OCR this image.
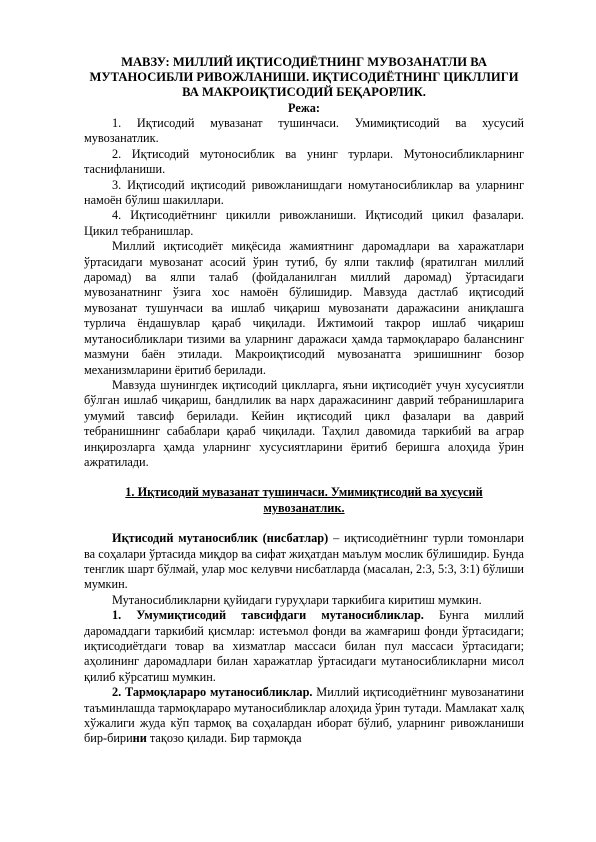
МАВЗУ: МИЛЛИЙ ИҚТИСОДИЁТНИНГ МУВОЗАНАТЛИ ВА МУТАНОСИБЛИ РИВОЖЛАНИШИ. ИҚТИСОДИЁТНИНГ ЦИКЛЛИГИ ВА МАКРОИҚТИСОДИЙ БЕҚАРОРЛИК.

Режа:

1. Иқтисодий мувазанат тушинчаси. Умимиқтисодий ва хусусий мувозанатлик.

2. Иқтисодий мутоносиблик ва унинг турлари. Мутоносибликларнинг таснифланиши.

3. Иқтисодий иқтисодий ривожланишдаги номутаносибликлар ва уларнинг намоён бўлиш шакиллари.

4. Иқтисодиётнинг цикилли ривожланиши. Иқтисодий цикил фазалари. Цикил тебранишлар.

Миллий иқтисодиёт миқёсида жамиятнинг даромадлари ва харажатлари ўртасидаги мувозанат асосий ўрин тутиб, бу ялпи таклиф (яратилган миллий даромад) ва ялпи талаб (фойдаланилган миллий даромад) ўртасидаги мувозанатнинг ўзига хос намоён бўлишидир. Мавзуда дастлаб иқтисодий мувозанат тушунчаси ва ишлаб чиқариш мувозанати даражасини аниқлашга турлича ёндашувлар қараб чиқилади. Ижтимоий такрор ишлаб чиқариш мутаносибликлари тизими ва уларнинг даражаси ҳамда тармоқлараро баланснинг мазмуни баён этилади. Макроиқтисодий мувозанатга эришишнинг бозор механизмларини ёритиб берилади.

Мавзуда шунингдек иқтисодий циклларга, яъни иқтисодиёт учун хусусиятли бўлган ишлаб чиқариш, бандлилик ва нарх даражасининг даврий тебранишларига умумий тавсиф берилади. Кейин иқтисодий цикл фазалари ва даврий тебранишнинг сабаблари қараб чиқилади. Таҳлил давомида таркибий ва аграр инқирозларга ҳамда уларнинг хусусиятларини ёритиб беришга алоҳида ўрин ажратилади.

1. Иқтисодий мувазанат тушинчаси. Умимиқтисодий ва хусусий мувозанатлик.

Иқтисодий мутаносиблик (нисбатлар) – иқтисодиётнинг турли томонлари ва соҳалари ўртасида миқдор ва сифат жиҳатдан маълум мослик бўлишидир. Бунда тенглик шарт бўлмай, улар мос келувчи нисбатларда (масалан, 2:3, 5:3, 3:1) бўлиши мумкин.

Мутаносибликларни қуйидаги гуруҳлари таркибига киритиш мумкин.

1. Умумиқтисодий тавсифдаги мутаносибликлар. Бунга миллий даромаддаги таркибий қисмлар: истеъмол фонди ва жамғариш фонди ўртасидаги; иқтисодиётдаги товар ва хизматлар массаси билан пул массаси ўртасидаги; аҳолининг даромадлари билан харажатлар ўртасидаги мутаносибликларни мисол қилиб кўрсатиш мумкин.

2. Тармоқлараро мутаносибликлар. Миллий иқтисодиётнинг мувозанатини таъминлашда тармоқлараро мутаносибликлар алоҳида ўрин тутади. Мамлакат халқ хўжалиги жуда кўп тармоқ ва соҳалардан иборат бўлиб, уларнинг ривожланиши бир-бирини тақозо қилади. Бир тармоқда
